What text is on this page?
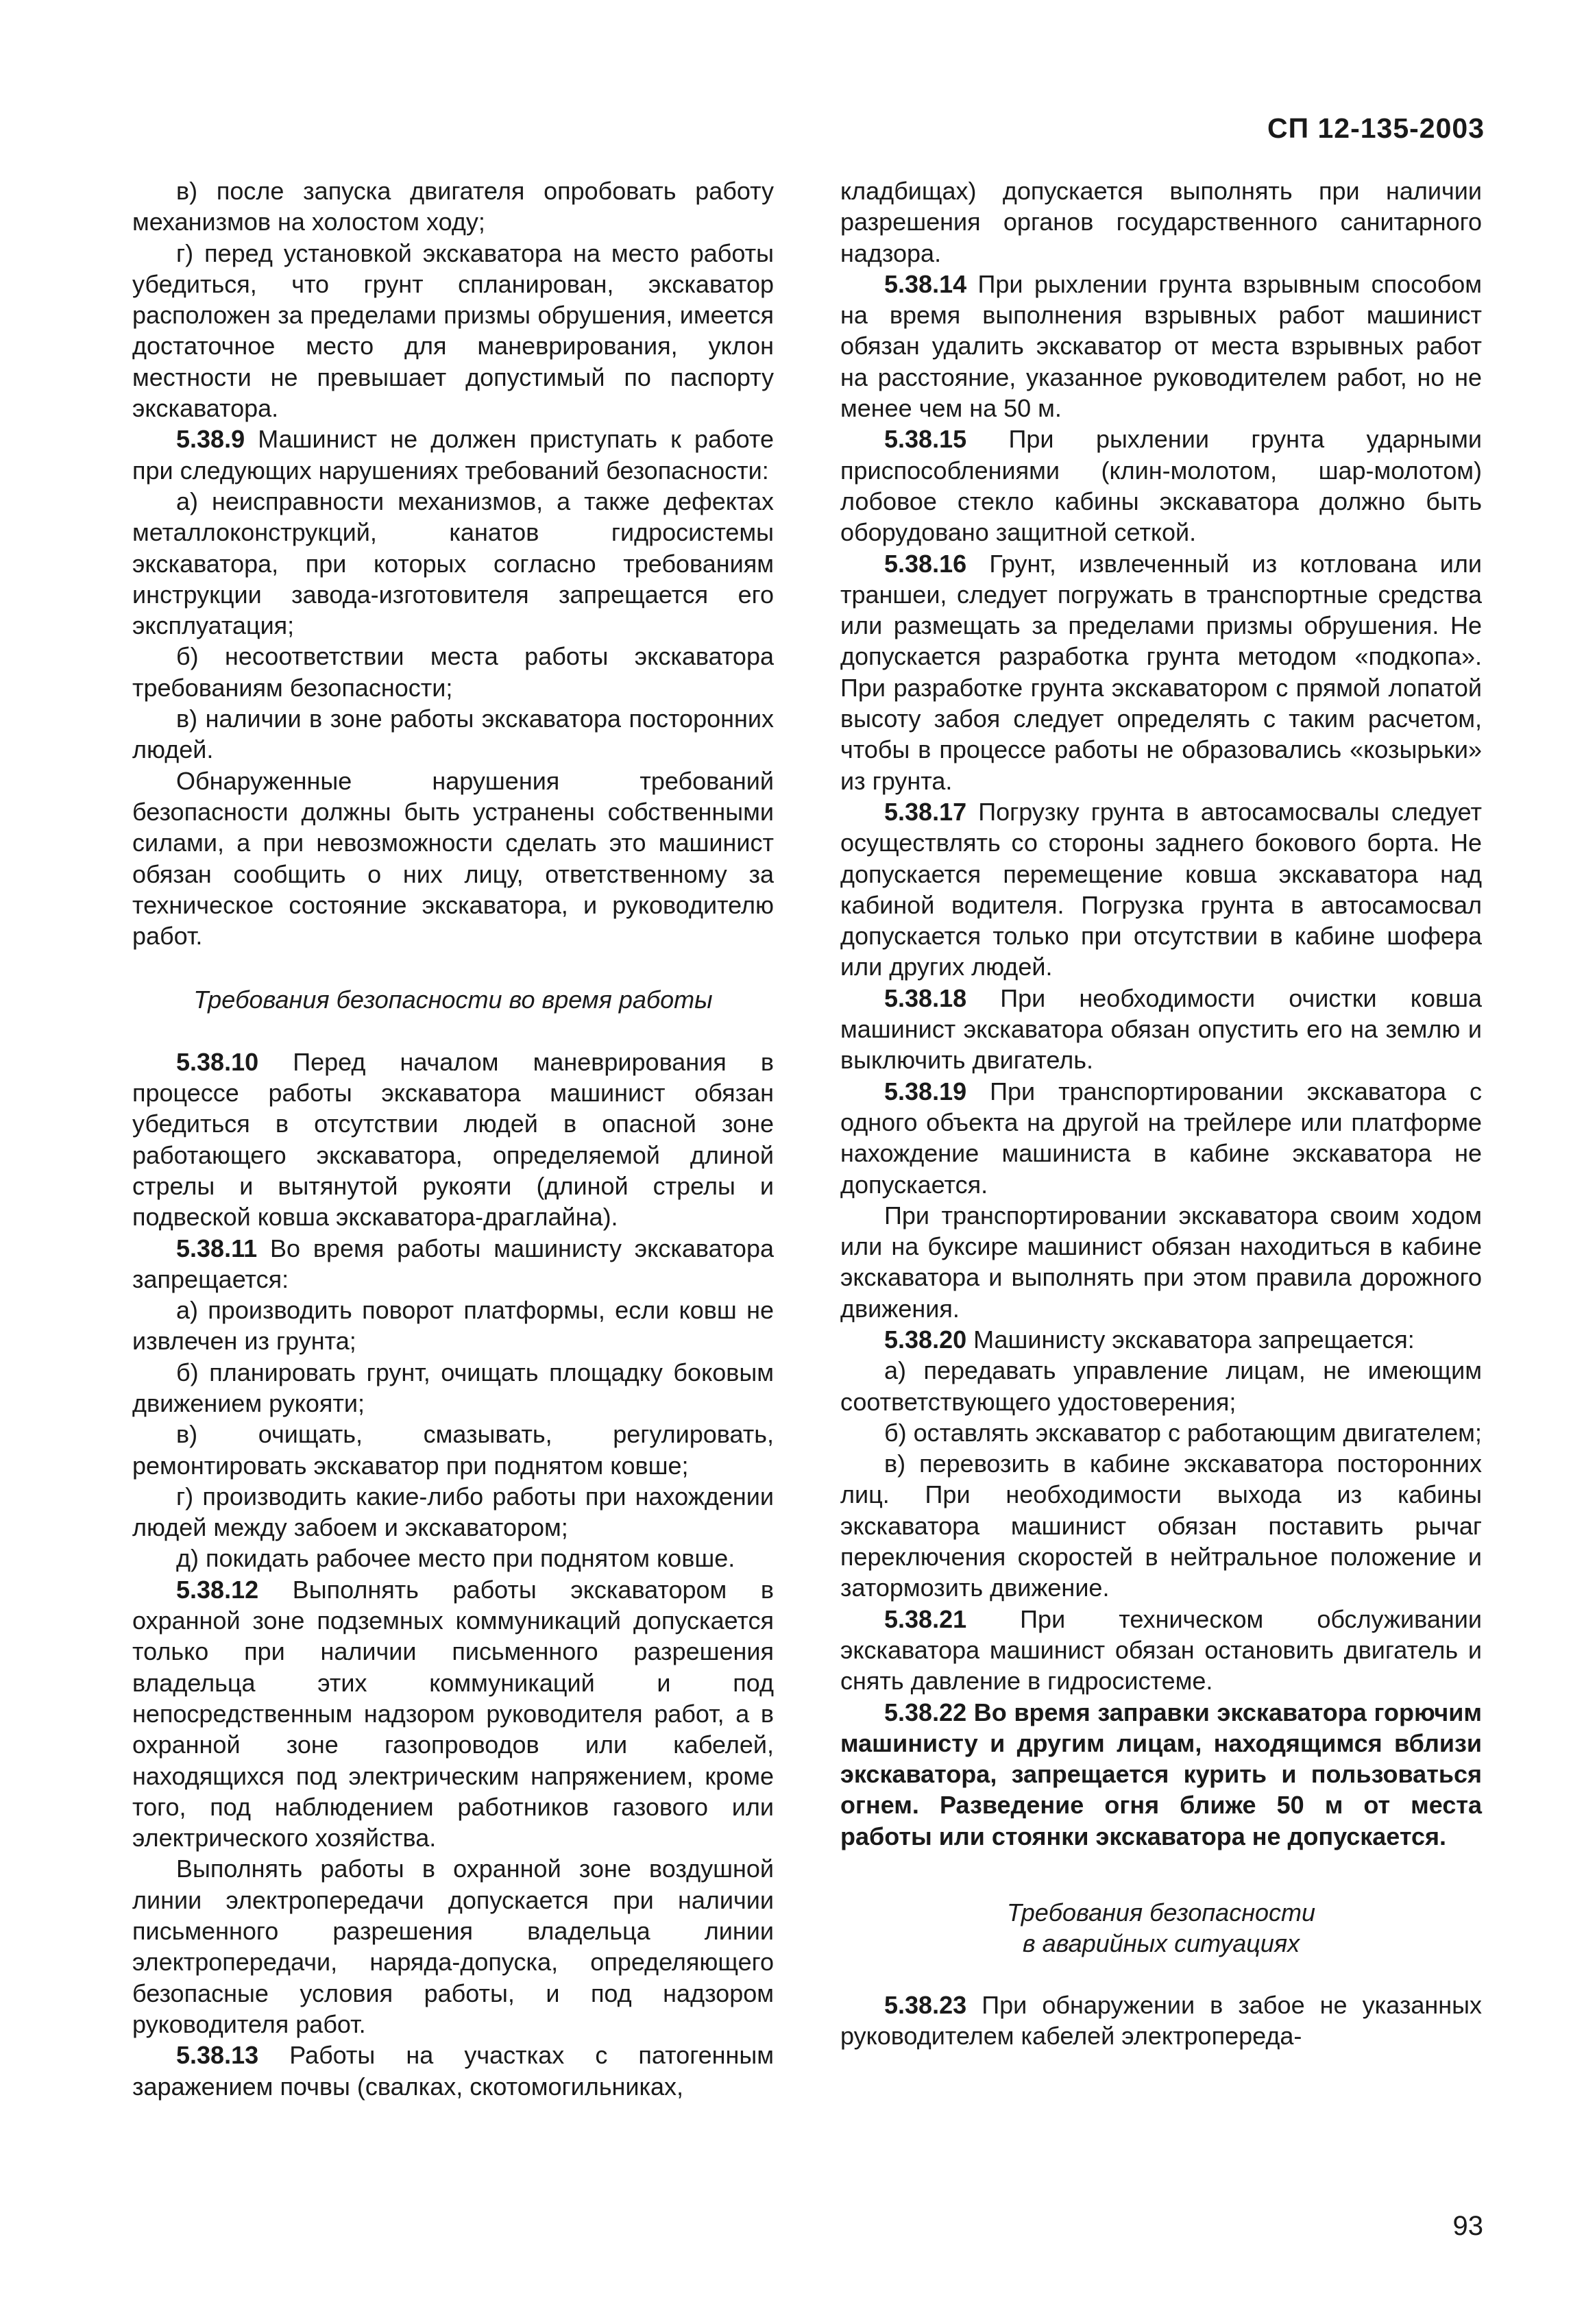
СП 12-135-2003

в) после запуска двигателя опробовать работу механизмов на холостом ходу;

г) перед установкой экскаватора на место работы убедиться, что грунт спланирован, экскаватор расположен за пределами призмы обрушения, имеется достаточное место для маневрирования, уклон местности не превышает допустимый по паспорту экскаватора.

5.38.9 Машинист не должен приступать к работе при следующих нарушениях требований безопасности:

а) неисправности механизмов, а также дефектах металлоконструкций, канатов гидросистемы экскаватора, при которых согласно требованиям инструкции завода-изготовителя запрещается его эксплуатация;

б) несоответствии места работы экскаватора требованиям безопасности;

в) наличии в зоне работы экскаватора посторонних людей.

Обнаруженные нарушения требований безопасности должны быть устранены собственными силами, а при невозможности сделать это машинист обязан сообщить о них лицу, ответственному за техническое состояние экскаватора, и руководителю работ.

Требования безопасности во время работы

5.38.10 Перед началом маневрирования в процессе работы экскаватора машинист обязан убедиться в отсутствии людей в опасной зоне работающего экскаватора, определяемой длиной стрелы и вытянутой рукояти (длиной стрелы и подвеской ковша экскаватора-драглайна).

5.38.11 Во время работы машинисту экскаватора запрещается:

а) производить поворот платформы, если ковш не извлечен из грунта;

б) планировать грунт, очищать площадку боковым движением рукояти;

в) очищать, смазывать, регулировать, ремонтировать экскаватор при поднятом ковше;

г) производить какие-либо работы при нахождении людей между забоем и экскаватором;

д) покидать рабочее место при поднятом ковше.

5.38.12 Выполнять работы экскаватором в охранной зоне подземных коммуникаций допускается только при наличии письменного разрешения владельца этих коммуникаций и под непосредственным надзором руководителя работ, а в охранной зоне газопроводов или кабелей, находящихся под электрическим напряжением, кроме того, под наблюдением работников газового или электрического хозяйства.

Выполнять работы в охранной зоне воздушной линии электропередачи допускается при наличии письменного разрешения владельца линии электропередачи, наряда-допуска, определяющего безопасные условия работы, и под надзором руководителя работ.

5.38.13 Работы на участках с патогенным заражением почвы (свалках, скотомогильниках,

кладбищах) допускается выполнять при наличии разрешения органов государственного санитарного надзора.

5.38.14 При рыхлении грунта взрывным способом на время выполнения взрывных работ машинист обязан удалить экскаватор от места взрывных работ на расстояние, указанное руководителем работ, но не менее чем на 50 м.

5.38.15 При рыхлении грунта ударными приспособлениями (клин-молотом, шар-молотом) лобовое стекло кабины экскаватора должно быть оборудовано защитной сеткой.

5.38.16 Грунт, извлеченный из котлована или траншеи, следует погружать в транспортные средства или размещать за пределами призмы обрушения. Не допускается разработка грунта методом «подкопа». При разработке грунта экскаватором с прямой лопатой высоту забоя следует определять с таким расчетом, чтобы в процессе работы не образовались «козырьки» из грунта.

5.38.17 Погрузку грунта в автосамосвалы следует осуществлять со стороны заднего бокового борта. Не допускается перемещение ковша экскаватора над кабиной водителя. Погрузка грунта в автосамосвал допускается только при отсутствии в кабине шофера или других людей.

5.38.18 При необходимости очистки ковша машинист экскаватора обязан опустить его на землю и выключить двигатель.

5.38.19 При транспортировании экскаватора с одного объекта на другой на трейлере или платформе нахождение машиниста в кабине экскаватора не допускается.

При транспортировании экскаватора своим ходом или на буксире машинист обязан находиться в кабине экскаватора и выполнять при этом правила дорожного движения.

5.38.20 Машинисту экскаватора запрещается:

а) передавать управление лицам, не имеющим соответствующего удостоверения;

б) оставлять экскаватор с работающим двигателем;

в) перевозить в кабине экскаватора посторонних лиц. При необходимости выхода из кабины экскаватора машинист обязан поставить рычаг переключения скоростей в нейтральное положение и затормозить движение.

5.38.21 При техническом обслуживании экскаватора машинист обязан остановить двигатель и снять давление в гидросистеме.

5.38.22 Во время заправки экскаватора горючим машинисту и другим лицам, находящимся вблизи экскаватора, запрещается курить и пользоваться огнем. Разведение огня ближе 50 м от места работы или стоянки экскаватора не допускается.

Требования безопасности
в аварийных ситуациях

5.38.23 При обнаружении в забое не указанных руководителем кабелей электропереда-

93
